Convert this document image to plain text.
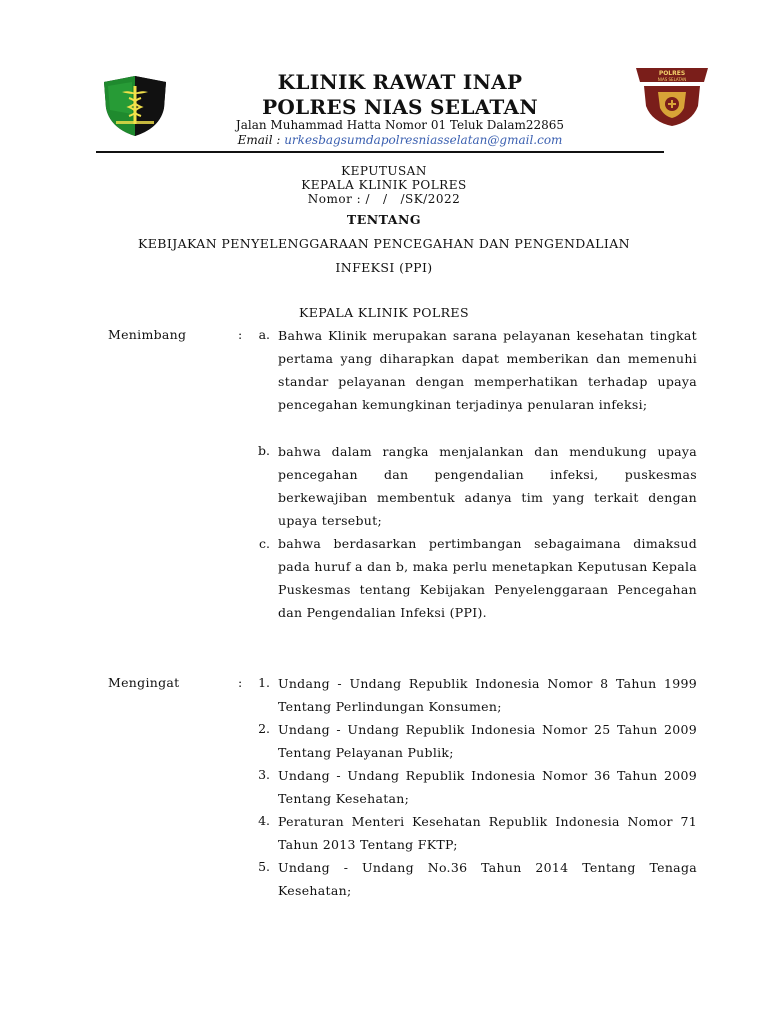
POLRES
NIAS SELATAN
KLINIK RAWAT INAP
POLRES NIAS SELATAN
Jalan Muhammad Hatta Nomor 01 Teluk Dalam22865
Email : urkesbagsumdapolresniasselatan@gmail.com
KEPUTUSAN
KEPALA KLINIK POLRES
Nomor : /   /   /SK/2022
TENTANG
KEBIJAKAN PENYELENGGARAAN PENCEGAHAN DAN PENGENDALIAN
INFEKSI (PPI)
KEPALA KLINIK POLRES
Menimbang	:	a. Bahwa Klinik merupakan sarana pelayanan kesehatan tingkat pertama yang diharapkan dapat memberikan dan memenuhi standar pelayanan dengan memperhatikan terhadap upaya pencegahan kemungkinan terjadinya penularan infeksi;
b. bahwa dalam rangka menjalankan dan mendukung upaya pencegahan dan pengendalian infeksi, puskesmas berkewajiban membentuk adanya tim yang terkait dengan upaya tersebut;
c. bahwa berdasarkan pertimbangan sebagaimana dimaksud pada huruf a dan b, maka perlu menetapkan Keputusan Kepala Puskesmas tentang Kebijakan Penyelenggaraan Pencegahan dan Pengendalian Infeksi (PPI).
Mengingat	:	1. Undang - Undang Republik Indonesia Nomor 8 Tahun 1999 Tentang Perlindungan Konsumen;
2. Undang - Undang Republik Indonesia Nomor 25 Tahun 2009 Tentang Pelayanan Publik;
3. Undang - Undang Republik Indonesia Nomor 36 Tahun 2009 Tentang Kesehatan;
4. Peraturan Menteri Kesehatan Republik Indonesia Nomor 71 Tahun 2013 Tentang FKTP;
5. Undang - Undang No.36 Tahun 2014 Tentang Tenaga Kesehatan;
